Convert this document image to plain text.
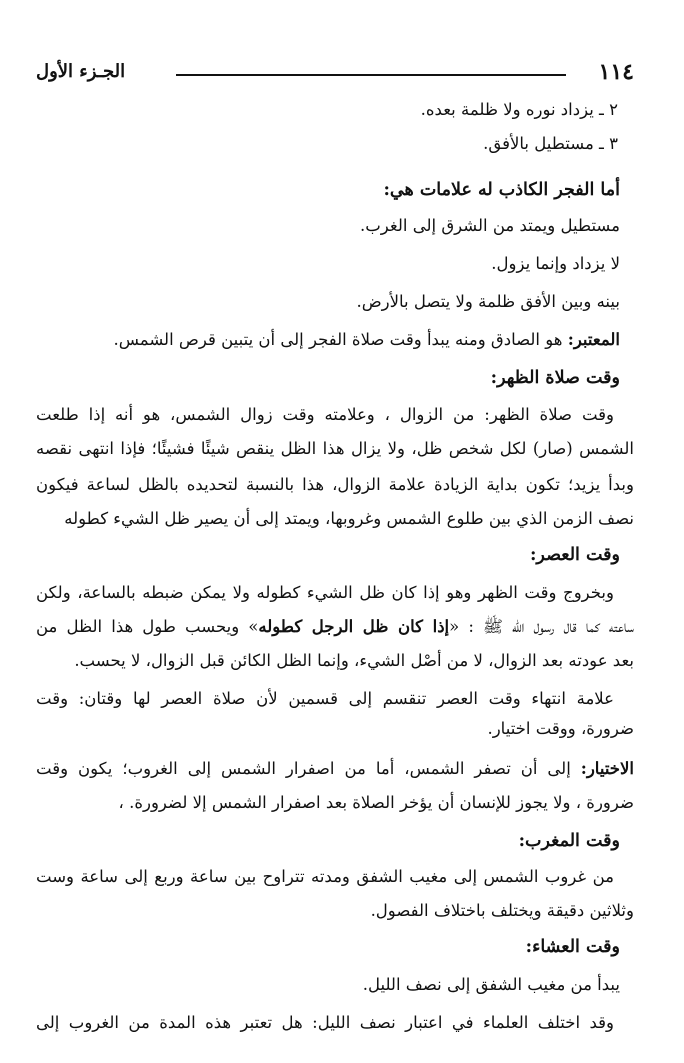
١١٤
الجـزء الأول
٢ ـ يزداد نوره ولا ظلمة بعده.
٣ ـ مستطيل بالأفق.
أما الفجر الكاذب له علامات هي:
مستطيل ويمتد من الشرق إلى الغرب.
لا يزداد وإنما يزول.
بينه وبين الأفق ظلمة ولا يتصل بالأرض.
المعتبر: هو الصادق ومنه يبدأ وقت صلاة الفجر إلى أن يتبين قرص الشمس.
وقت صلاة الظهر:
وقت صلاة الظهر: من الزوال ، وعلامته وقت زوال الشمس، هو أنه إذا طلعت
الشمس (صار) لكل شخص ظل، ولا يزال هذا الظل ينقص شيئًا فشيئًا؛ فإذا انتهى نقصه
وبدأ يزيد؛ تكون بداية الزيادة علامة الزوال، هذا بالنسبة لتحديده بالظل لساعة فيكون
نصف الزمن الذي بين طلوع الشمس وغروبها، ويمتد إلى أن يصير ظل الشيء كطوله
وقت العصر:
وبخروج وقت الظهر وهو إذا كان ظل الشيء كطوله ولا يمكن ضبطه بالساعة، ولكن
ساعته كما قال رسول الله ﷺ : «إذا كان ظل الرجل كطوله» ويحسب طول هذا الظل من
بعد عودته بعد الزوال، لا من أصْل الشيء، وإنما الظل الكائن قبل الزوال، لا يحسب.
علامة انتهاء وقت العصر تنقسم إلى قسمين لأن صلاة العصر لها وقتان: وقت
ضرورة، ووقت اختيار.
الاختيار: إلى أن تصفر الشمس، أما من اصفرار الشمس إلى الغروب؛ يكون وقت
ضرورة ، ولا يجوز للإنسان أن يؤخر الصلاة بعد اصفرار الشمس إلا لضرورة. ،
وقت المغرب:
من غروب الشمس إلى مغيب الشفق ومدته تتراوح بين ساعة وربع إلى ساعة وست
وثلاثين دقيقة ويختلف باختلاف الفصول.
وقت العشاء:
يبدأ من مغيب الشفق إلى نصف الليل.
وقد اختلف العلماء في اعتبار نصف الليل: هل تعتبر هذه المدة من الغروب إلى
